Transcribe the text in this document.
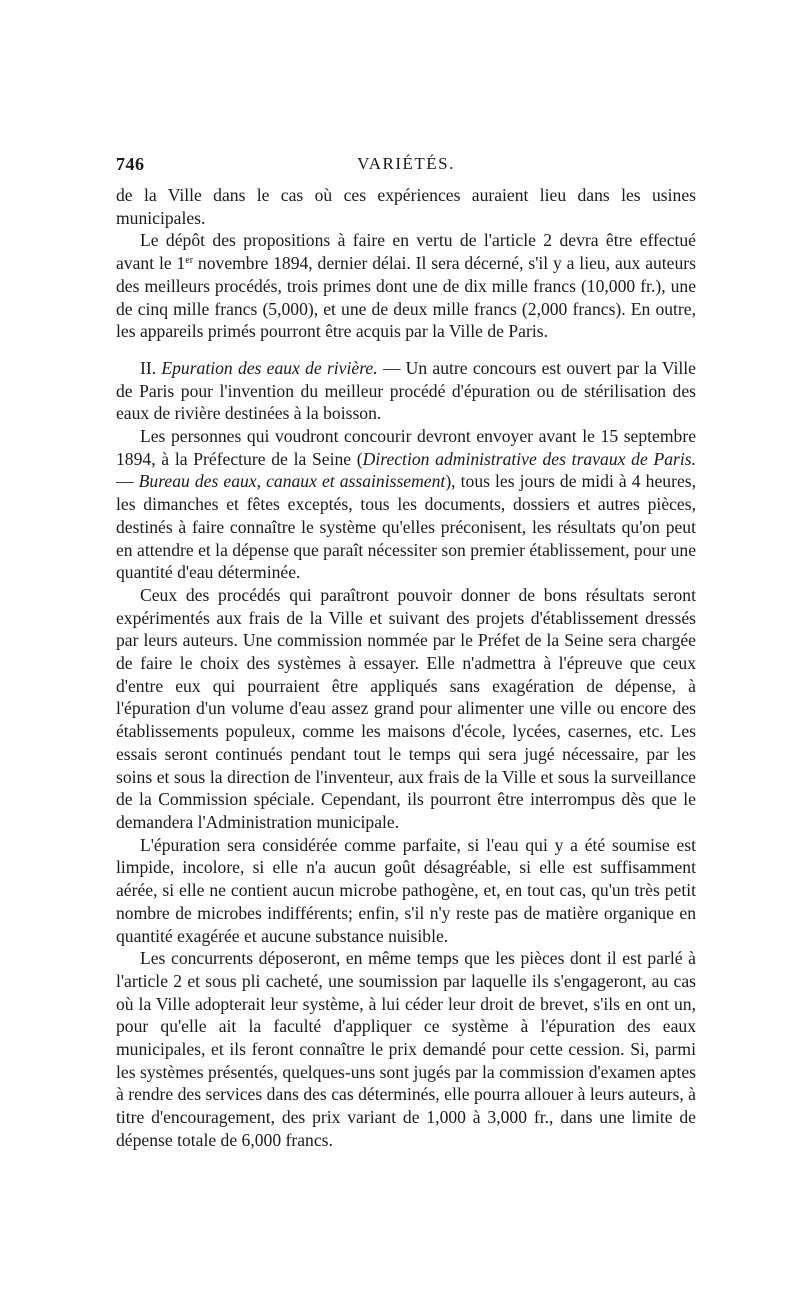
746	VARIÉTÉS.

de la Ville dans le cas où ces expériences auraient lieu dans les usines municipales.

Le dépôt des propositions à faire en vertu de l'article 2 devra être effectué avant le 1er novembre 1894, dernier délai. Il sera décerné, s'il y a lieu, aux auteurs des meilleurs procédés, trois primes dont une de dix mille francs (10,000 fr.), une de cinq mille francs (5,000), et une de deux mille francs (2,000 francs). En outre, les appareils primés pourront être acquis par la Ville de Paris.

II. Epuration des eaux de rivière. — Un autre concours est ouvert par la Ville de Paris pour l'invention du meilleur procédé d'épuration ou de stérilisation des eaux de rivière destinées à la boisson.

Les personnes qui voudront concourir devront envoyer avant le 15 septembre 1894, à la Préfecture de la Seine (Direction administrative des travaux de Paris. — Bureau des eaux, canaux et assainissement), tous les jours de midi à 4 heures, les dimanches et fêtes exceptés, tous les documents, dossiers et autres pièces, destinés à faire connaître le système qu'elles préconisent, les résultats qu'on peut en attendre et la dépense que paraît nécessiter son premier établissement, pour une quantité d'eau déterminée.

Ceux des procédés qui paraîtront pouvoir donner de bons résultats seront expérimentés aux frais de la Ville et suivant des projets d'établissement dressés par leurs auteurs. Une commission nommée par le Préfet de la Seine sera chargée de faire le choix des systèmes à essayer. Elle n'admettra à l'épreuve que ceux d'entre eux qui pourraient être appliqués sans exagération de dépense, à l'épuration d'un volume d'eau assez grand pour alimenter une ville ou encore des établissements populeux, comme les maisons d'école, lycées, casernes, etc. Les essais seront continués pendant tout le temps qui sera jugé nécessaire, par les soins et sous la direction de l'inventeur, aux frais de la Ville et sous la surveillance de la Commission spéciale. Cependant, ils pourront être interrompus dès que le demandera l'Administration municipale.

L'épuration sera considérée comme parfaite, si l'eau qui y a été soumise est limpide, incolore, si elle n'a aucun goût désagréable, si elle est suffisamment aérée, si elle ne contient aucun microbe pathogène, et, en tout cas, qu'un très petit nombre de microbes indifférents; enfin, s'il n'y reste pas de matière organique en quantité exagérée et aucune substance nuisible.

Les concurrents déposeront, en même temps que les pièces dont il est parlé à l'article 2 et sous pli cacheté, une soumission par laquelle ils s'engageront, au cas où la Ville adopterait leur système, à lui céder leur droit de brevet, s'ils en ont un, pour qu'elle ait la faculté d'appliquer ce système à l'épuration des eaux municipales, et ils feront connaître le prix demandé pour cette cession. Si, parmi les systèmes présentés, quelques-uns sont jugés par la commission d'examen aptes à rendre des services dans des cas déterminés, elle pourra allouer à leurs auteurs, à titre d'encouragement, des prix variant de 1,000 à 3,000 fr., dans une limite de dépense totale de 6,000 francs.
